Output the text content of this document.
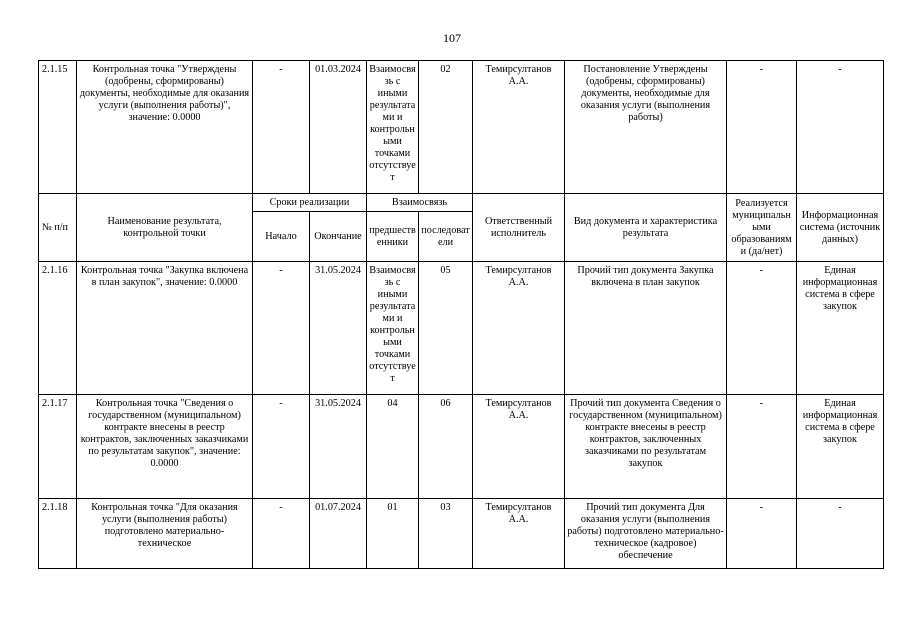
107
2.1.15	Контрольная точка "Утверждены (одобрены, сформированы) документы, необходимые для оказания услуги (выполнения работы)", значение: 0.0000	-	01.03.2024	Взаимосвязь с иными результатами и контрольными точками отсутствует	02	Темирсултанов А.А.	Постановление Утверждены (одобрены, сформированы) документы, необходимые для оказания услуги (выполнения работы)	-	-
№ п/п	Наименование результата, контрольной точки	Сроки реализации		Взаимосвязь		Ответственный исполнитель	Вид документа и характеристика результата	Реализуется муниципальными образованиями (да/нет)	Информационная система (источник данных)
		Начало	Окончание	предшественники	последователи				
2.1.16	Контрольная точка "Закупка включена в план закупок", значение: 0.0000	-	31.05.2024	Взаимосвязь с иными результатами и контрольными точками отсутствует	05	Темирсултанов А.А.	Прочий тип документа Закупка включена в план закупок	-	Единая информационная система в сфере закупок
2.1.17	Контрольная точка "Сведения о государственном (муниципальном) контракте внесены в реестр контрактов, заключенных заказчиками по результатам закупок", значение: 0.0000	-	31.05.2024	04	06	Темирсултанов А.А.	Прочий тип документа Сведения о государственном (муниципальном) контракте внесены в реестр контрактов, заключенных заказчиками по результатам закупок	-	Единая информационная система в сфере закупок
2.1.18	Контрольная точка "Для оказания услуги (выполнения работы) подготовлено материально-техническое	-	01.07.2024	01	03	Темирсултанов А.А.	Прочий тип документа Для оказания услуги (выполнения работы) подготовлено материально-техническое (кадровое) обеспечение	-	-
